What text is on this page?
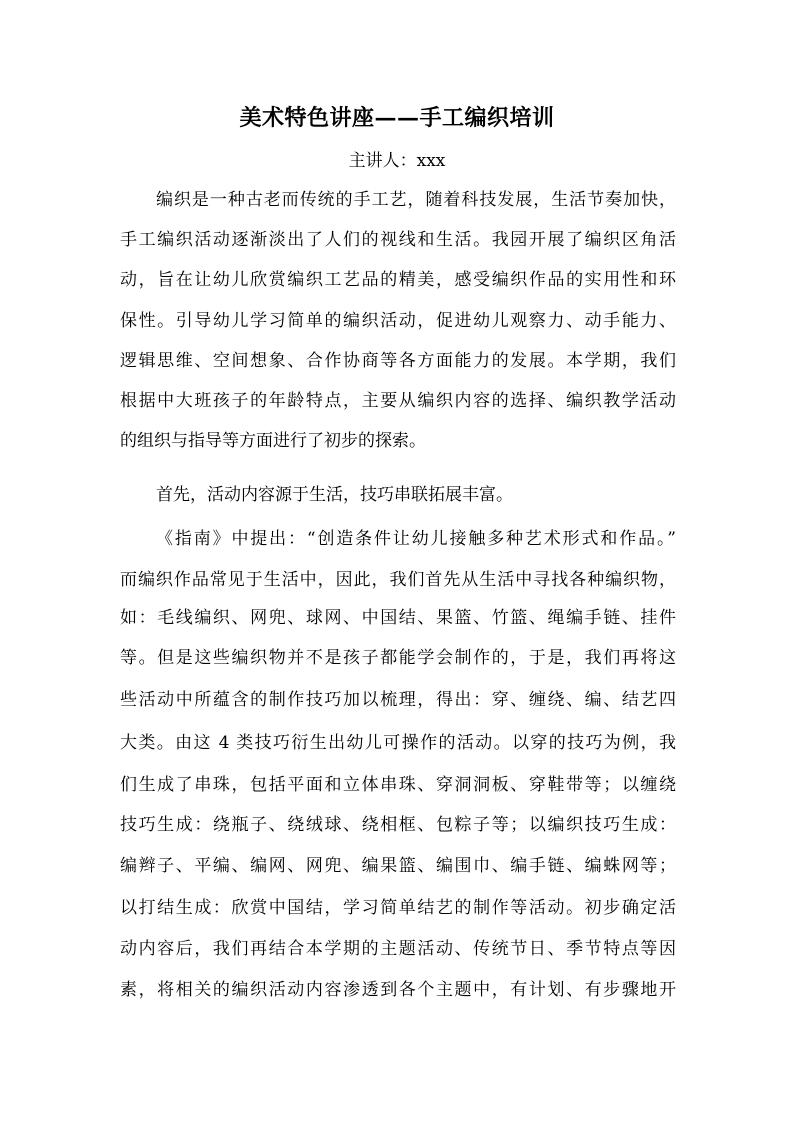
美术特色讲座——手工编织培训
主讲人：xxx
编织是一种古老而传统的手工艺，随着科技发展，生活节奏加快，
手工编织活动逐渐淡出了人们的视线和生活。我园开展了编织区角活
动，旨在让幼儿欣赏编织工艺品的精美，感受编织作品的实用性和环
保性。引导幼儿学习简单的编织活动，促进幼儿观察力、动手能力、
逻辑思维、空间想象、合作协商等各方面能力的发展。本学期，我们
根据中大班孩子的年龄特点，主要从编织内容的选择、编织教学活动
的组织与指导等方面进行了初步的探索。
首先，活动内容源于生活，技巧串联拓展丰富。
《指南》中提出：“创造条件让幼儿接触多种艺术形式和作品。”
而编织作品常见于生活中，因此，我们首先从生活中寻找各种编织物，
如：毛线编织、网兜、球网、中国结、果篮、竹篮、绳编手链、挂件
等。但是这些编织物并不是孩子都能学会制作的，于是，我们再将这
些活动中所蕴含的制作技巧加以梳理，得出：穿、缠绕、编、结艺四
大类。由这 4 类技巧衍生出幼儿可操作的活动。以穿的技巧为例，我
们生成了串珠，包括平面和立体串珠、穿洞洞板、穿鞋带等；以缠绕
技巧生成：绕瓶子、绕绒球、绕相框、包粽子等；以编织技巧生成：
编辫子、平编、编网、网兜、编果篮、编围巾、编手链、编蛛网等；
以打结生成：欣赏中国结，学习简单结艺的制作等活动。初步确定活
动内容后，我们再结合本学期的主题活动、传统节日、季节特点等因
素，将相关的编织活动内容渗透到各个主题中，有计划、有步骤地开
